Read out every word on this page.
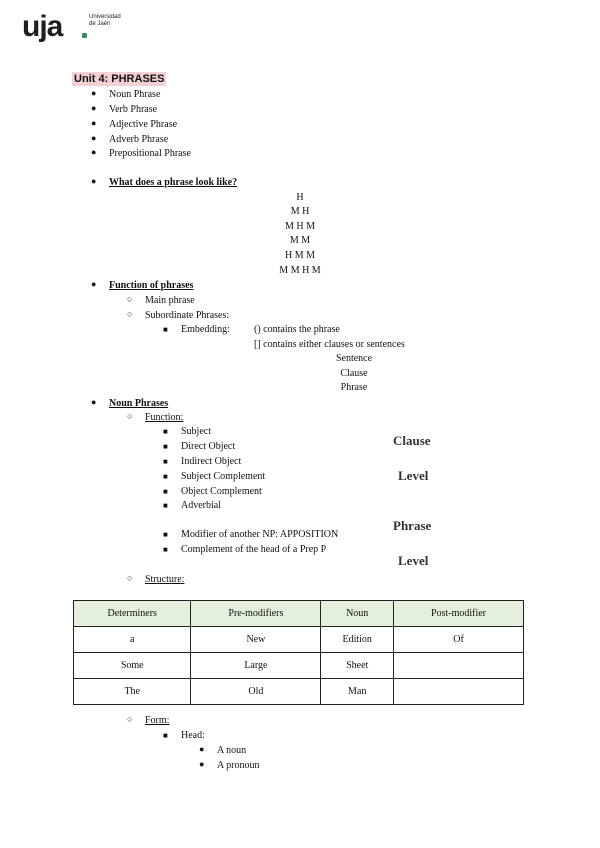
uja	Universidad
de Jaén
Unit 4: PHRASES
● Noun Phrase
● Verb Phrase
● Adjective Phrase
● Adverb Phrase
● Prepositional Phrase
● What does a phrase look like?
H
M H
M H M
M M
H M M
M M H M
● Function of phrases
○ Main phrase
○ Subordinate Phrases:
■ Embedding: () contains the phrase
[] contains either clauses or sentences
Sentence
Clause
Phrase
● Noun Phrases
○ Function:
■ Subject
■ Direct Object
■ Indirect Object
■ Subject Complement
■ Object Complement
■ Adverbial
■ Modifier of another NP: APPOSITION
■ Complement of the head of a Prep P
Clause
Level
Phrase
Level
○ Structure:
Determiners	Pre-modifiers	Noun	Post-modifier
a	New	Edition	Of
Some	Large	Sheet	
The	Old	Man	
○ Form:
■ Head:
● A noun
● A pronoun
